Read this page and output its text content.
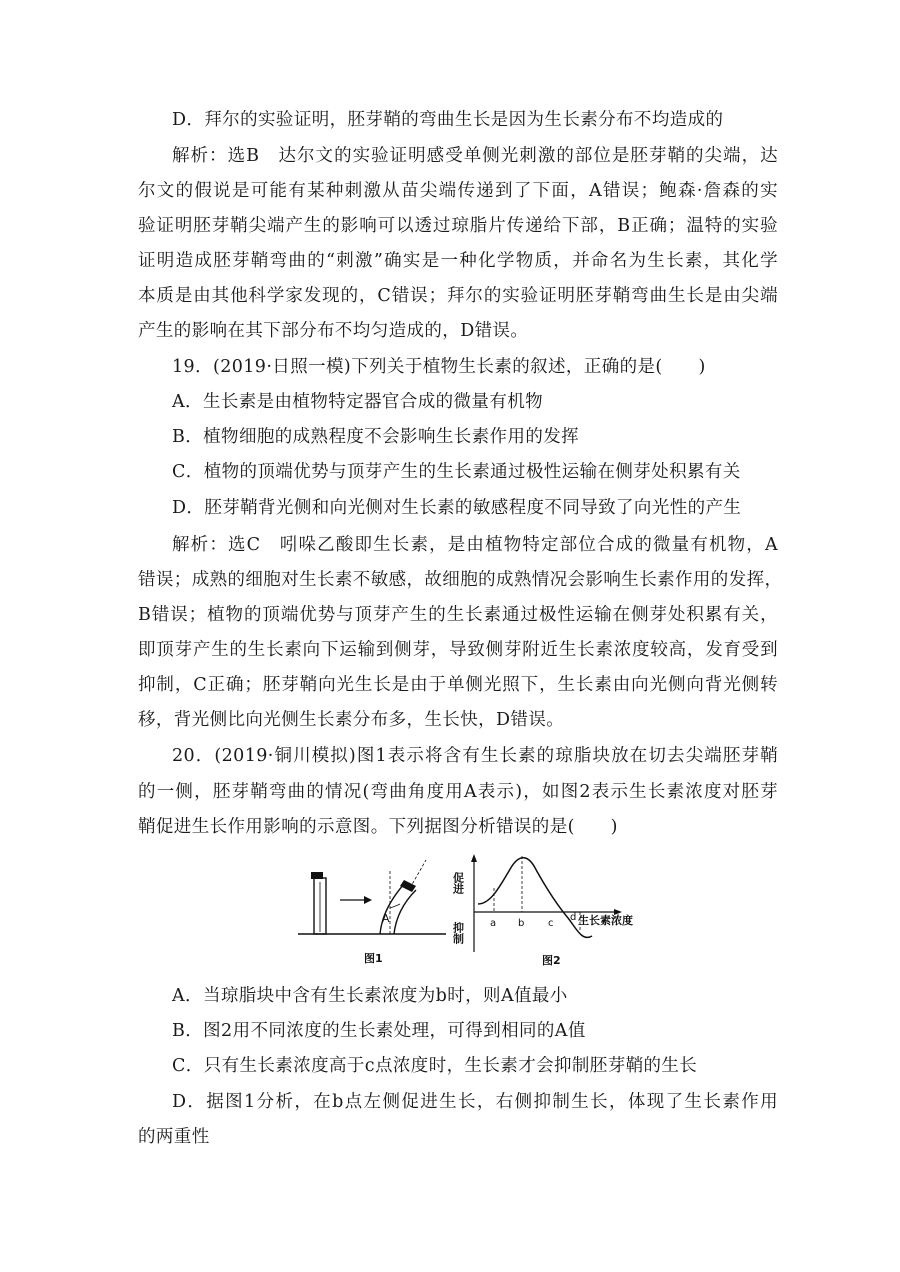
D．拜尔的实验证明，胚芽鞘的弯曲生长是因为生长素分布不均造成的
解析：选B　达尔文的实验证明感受单侧光刺激的部位是胚芽鞘的尖端，达
尔文的假说是可能有某种刺激从苗尖端传递到了下面，A错误；鲍森·詹森的实
验证明胚芽鞘尖端产生的影响可以透过琼脂片传递给下部，B正确；温特的实验
证明造成胚芽鞘弯曲的“刺激”确实是一种化学物质，并命名为生长素，其化学
本质是由其他科学家发现的，C错误；拜尔的实验证明胚芽鞘弯曲生长是由尖端
产生的影响在其下部分布不均匀造成的，D错误。
19．(2019·日照一模)下列关于植物生长素的叙述，正确的是(　　)
A．生长素是由植物特定器官合成的微量有机物
B．植物细胞的成熟程度不会影响生长素作用的发挥
C．植物的顶端优势与顶芽产生的生长素通过极性运输在侧芽处积累有关
D．胚芽鞘背光侧和向光侧对生长素的敏感程度不同导致了向光性的产生
解析：选C　吲哚乙酸即生长素，是由植物特定部位合成的微量有机物，A
错误；成熟的细胞对生长素不敏感，故细胞的成熟情况会影响生长素作用的发挥，
B错误；植物的顶端优势与顶芽产生的生长素通过极性运输在侧芽处积累有关，
即顶芽产生的生长素向下运输到侧芽，导致侧芽附近生长素浓度较高，发育受到
抑制，C正确；胚芽鞘向光生长是由于单侧光照下，生长素由向光侧向背光侧转
移，背光侧比向光侧生长素分布多，生长快，D错误。
20．(2019·铜川模拟)图1表示将含有生长素的琼脂块放在切去尖端胚芽鞘
的一侧，胚芽鞘弯曲的情况(弯曲角度用A表示)，如图2表示生长素浓度对胚芽
鞘促进生长作用影响的示意图。下列据图分析错误的是(　　)
A
图1
促进
抑制	a b c
d 生长素浓度
图2
A．当琼脂块中含有生长素浓度为b时，则A值最小
B．图2用不同浓度的生长素处理，可得到相同的A值
C．只有生长素浓度高于c点浓度时，生长素才会抑制胚芽鞘的生长
D．据图1分析，在b点左侧促进生长，右侧抑制生长，体现了生长素作用
的两重性
